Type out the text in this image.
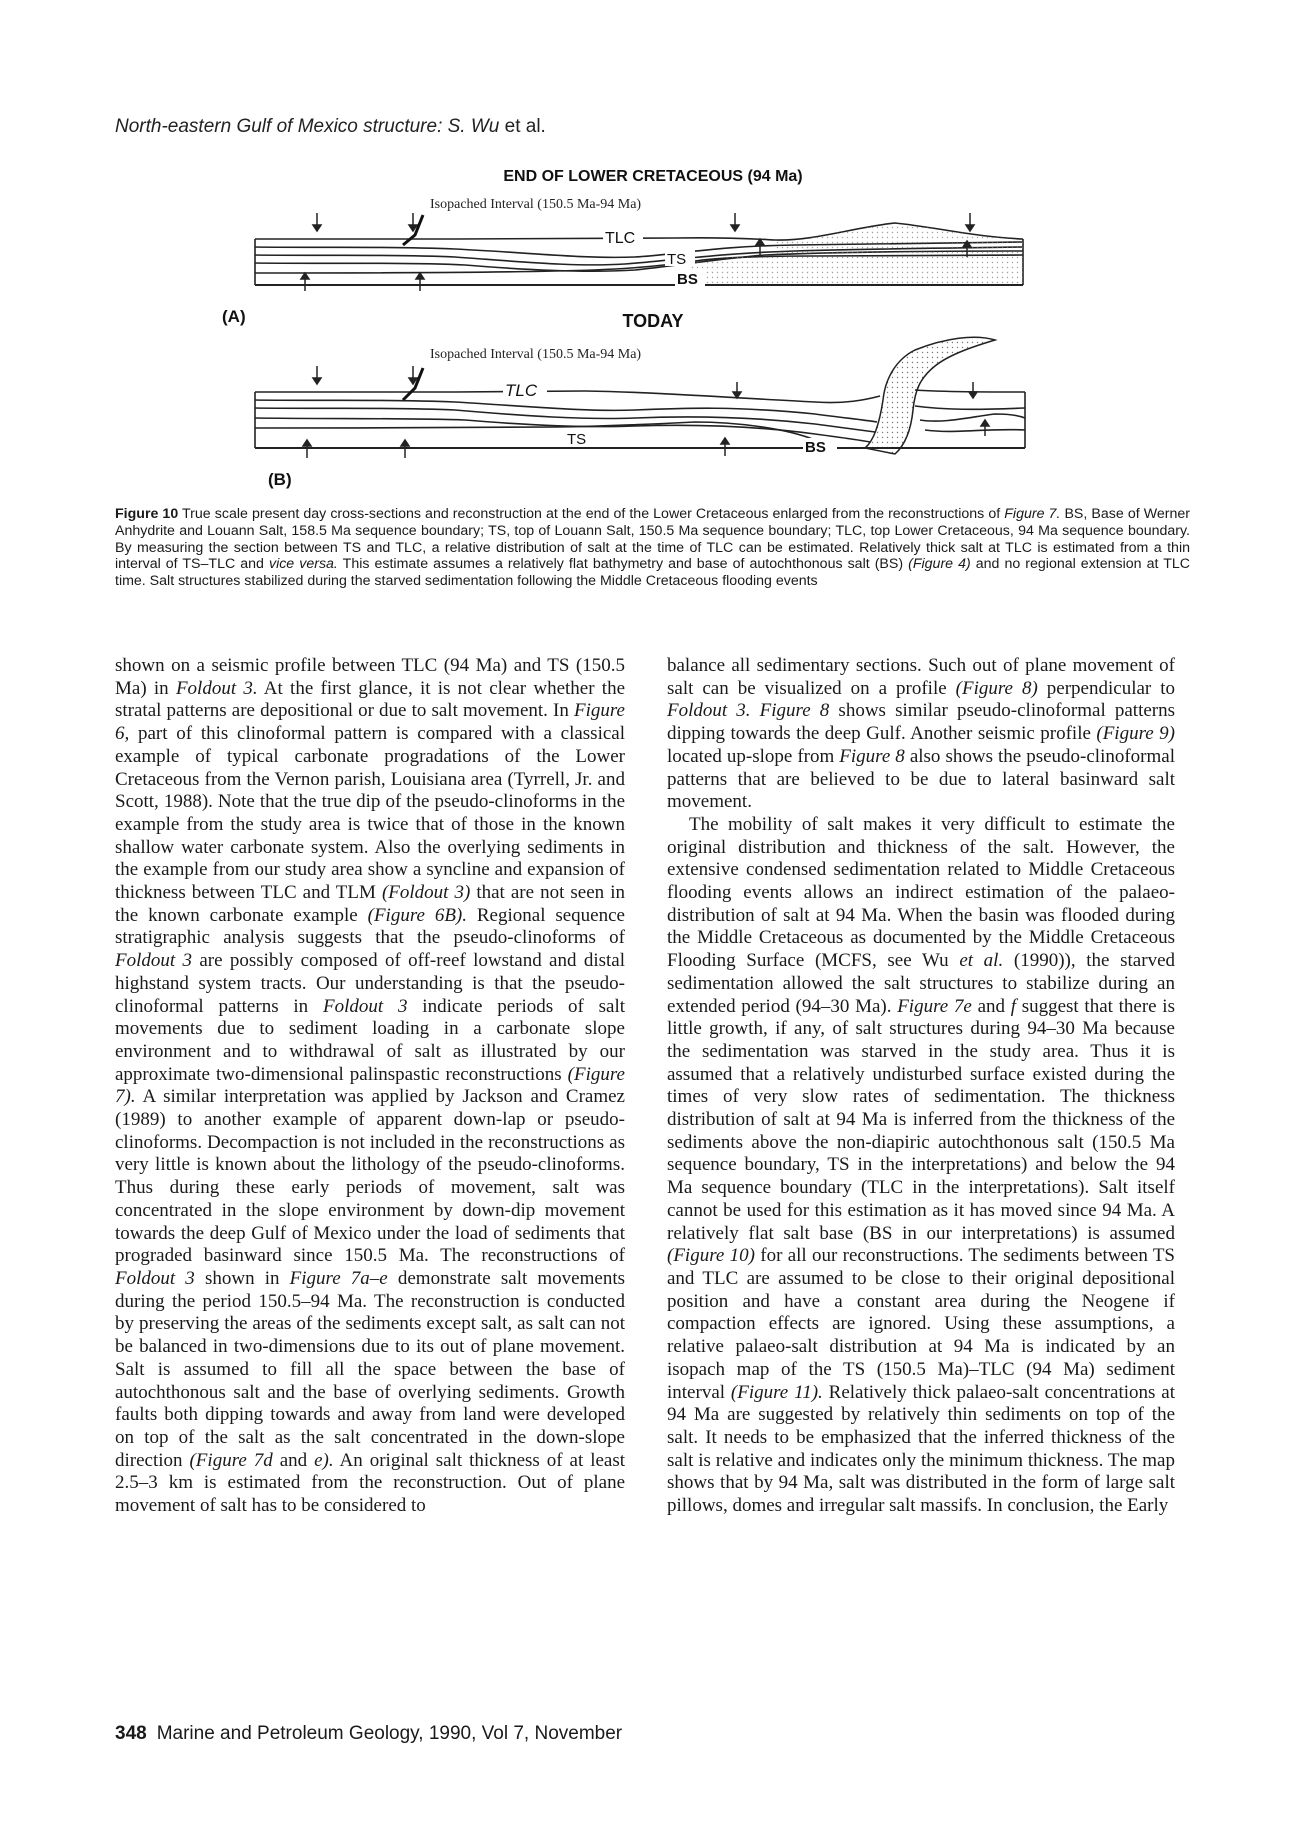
North-eastern Gulf of Mexico structure: S. Wu et al.
END OF LOWER CRETACEOUS (94 Ma)
Isopached Interval (150.5 Ma-94 Ma)
(A)
TLC
TS
BS
TODAY
Isopached Interval (150.5 Ma-94 Ma)
(B)
TLC
TS	BS
Figure 10 True scale present day cross-sections and reconstruction at the end of the Lower Cretaceous enlarged from the reconstructions of Figure 7. BS, Base of Werner Anhydrite and Louann Salt, 158.5 Ma sequence boundary; TS, top of Louann Salt, 150.5 Ma sequence boundary; TLC, top Lower Cretaceous, 94 Ma sequence boundary. By measuring the section between TS and TLC, a relative distribution of salt at the time of TLC can be estimated. Relatively thick salt at TLC is estimated from a thin interval of TS–TLC and vice versa. This estimate assumes a relatively flat bathymetry and base of autochthonous salt (BS) (Figure 4) and no regional extension at TLC time. Salt structures stabilized during the starved sedimentation following the Middle Cretaceous flooding events

shown on a seismic profile between TLC (94 Ma) and TS (150.5 Ma) in Foldout 3. At the first glance, it is not clear whether the stratal patterns are depositional or due to salt movement. In Figure 6, part of this clinoformal pattern is compared with a classical example of typical carbonate progradations of the Lower Cretaceous from the Vernon parish, Louisiana area (Tyrrell, Jr. and Scott, 1988). Note that the true dip of the pseudo-clinoforms in the example from the study area is twice that of those in the known shallow water carbonate system. Also the overlying sediments in the example from our study area show a syncline and expansion of thickness between TLC and TLM (Foldout 3) that are not seen in the known carbonate example (Figure 6B). Regional sequence stratigraphic analysis suggests that the pseudo-clinoforms of Foldout 3 are possibly composed of off-reef lowstand and distal highstand system tracts. Our understanding is that the pseudo-clinoformal patterns in Foldout 3 indicate periods of salt movements due to sediment loading in a carbonate slope environment and to withdrawal of salt as illustrated by our approximate two-dimensional palinspastic reconstructions (Figure 7). A similar interpretation was applied by Jackson and Cramez (1989) to another example of apparent down-lap or pseudo-clinoforms. Decompaction is not included in the reconstructions as very little is known about the lithology of the pseudo-clinoforms. Thus during these early periods of movement, salt was concentrated in the slope environment by down-dip movement towards the deep Gulf of Mexico under the load of sediments that prograded basinward since 150.5 Ma. The reconstructions of Foldout 3 shown in Figure 7a–e demonstrate salt movements during the period 150.5–94 Ma. The reconstruction is conducted by preserving the areas of the sediments except salt, as salt can not be balanced in two-dimensions due to its out of plane movement. Salt is assumed to fill all the space between the base of autochthonous salt and the base of overlying sediments. Growth faults both dipping towards and away from land were developed on top of the salt as the salt concentrated in the down-slope direction (Figure 7d and e). An original salt thickness of at least 2.5–3 km is estimated from the reconstruction. Out of plane movement of salt has to be considered to

balance all sedimentary sections. Such out of plane movement of salt can be visualized on a profile (Figure 8) perpendicular to Foldout 3. Figure 8 shows similar pseudo-clinoformal patterns dipping towards the deep Gulf. Another seismic profile (Figure 9) located up-slope from Figure 8 also shows the pseudo-clinoformal patterns that are believed to be due to lateral basinward salt movement.

The mobility of salt makes it very difficult to estimate the original distribution and thickness of the salt. However, the extensive condensed sedimentation related to Middle Cretaceous flooding events allows an indirect estimation of the palaeo-distribution of salt at 94 Ma. When the basin was flooded during the Middle Cretaceous as documented by the Middle Cretaceous Flooding Surface (MCFS, see Wu et al. (1990)), the starved sedimentation allowed the salt structures to stabilize during an extended period (94–30 Ma). Figure 7e and f suggest that there is little growth, if any, of salt structures during 94–30 Ma because the sedimentation was starved in the study area. Thus it is assumed that a relatively undisturbed surface existed during the times of very slow rates of sedimentation. The thickness distribution of salt at 94 Ma is inferred from the thickness of the sediments above the non-diapiric autochthonous salt (150.5 Ma sequence boundary, TS in the interpretations) and below the 94 Ma sequence boundary (TLC in the interpretations). Salt itself cannot be used for this estimation as it has moved since 94 Ma. A relatively flat salt base (BS in our interpretations) is assumed (Figure 10) for all our reconstructions. The sediments between TS and TLC are assumed to be close to their original depositional position and have a constant area during the Neogene if compaction effects are ignored. Using these assumptions, a relative palaeo-salt distribution at 94 Ma is indicated by an isopach map of the TS (150.5 Ma)–TLC (94 Ma) sediment interval (Figure 11). Relatively thick palaeo-salt concentrations at 94 Ma are suggested by relatively thin sediments on top of the salt. It needs to be emphasized that the inferred thickness of the salt is relative and indicates only the minimum thickness. The map shows that by 94 Ma, salt was distributed in the form of large salt pillows, domes and irregular salt massifs. In conclusion, the Early

348 Marine and Petroleum Geology, 1990, Vol 7, November
